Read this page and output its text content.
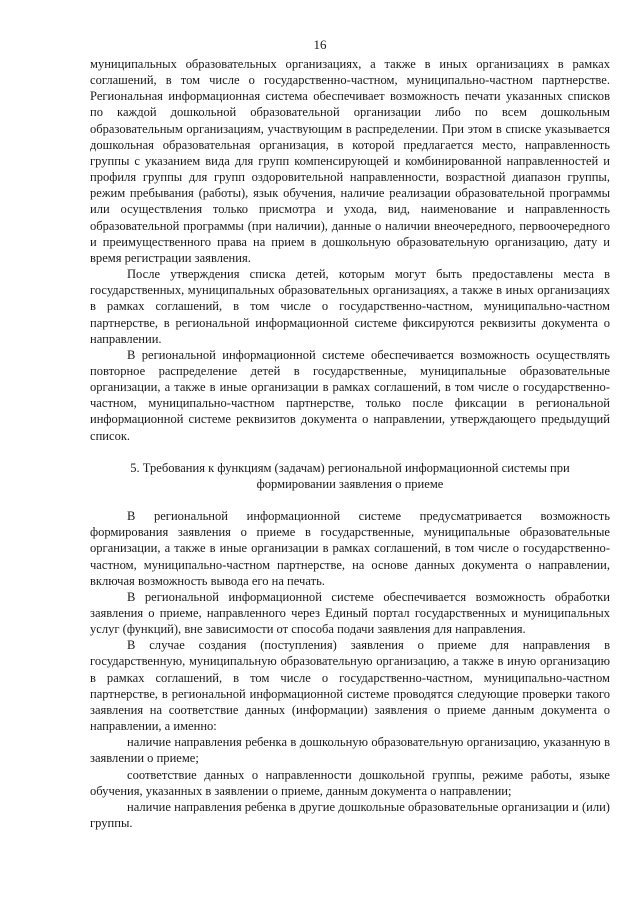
16

муниципальных образовательных организациях, а также в иных организациях в рамках соглашений, в том числе о государственно-частном, муниципально-частном партнерстве. Региональная информационная система обеспечивает возможность печати указанных списков по каждой дошкольной образовательной организации либо по всем дошкольным образовательным организациям, участвующим в распределении. При этом в списке указывается дошкольная образовательная организация, в которой предлагается место, направленность группы с указанием вида для групп компенсирующей и комбинированной направленностей и профиля группы для групп оздоровительной направленности, возрастной диапазон группы, режим пребывания (работы), язык обучения, наличие реализации образовательной программы или осуществления только присмотра и ухода, вид, наименование и направленность образовательной программы (при наличии), данные о наличии внеочередного, первоочередного и преимущественного права на прием в дошкольную образовательную организацию, дату и время регистрации заявления.

После утверждения списка детей, которым могут быть предоставлены места в государственных, муниципальных образовательных организациях, а также в иных организациях в рамках соглашений, в том числе о государственно-частном, муниципально-частном партнерстве, в региональной информационной системе фиксируются реквизиты документа о направлении.

В региональной информационной системе обеспечивается возможность осуществлять повторное распределение детей в государственные, муниципальные образовательные организации, а также в иные организации в рамках соглашений, в том числе о государственно-частном, муниципально-частном партнерстве, только после фиксации в региональной информационной системе реквизитов документа о направлении, утверждающего предыдущий список.

5. Требования к функциям (задачам) региональной информационной системы при формировании заявления о приеме

В региональной информационной системе предусматривается возможность формирования заявления о приеме в государственные, муниципальные образовательные организации, а также в иные организации в рамках соглашений, в том числе о государственно-частном, муниципально-частном партнерстве, на основе данных документа о направлении, включая возможность вывода его на печать.

В региональной информационной системе обеспечивается возможность обработки заявления о приеме, направленного через Единый портал государственных и муниципальных услуг (функций), вне зависимости от способа подачи заявления для направления.

В случае создания (поступления) заявления о приеме для направления в государственную, муниципальную образовательную организацию, а также в иную организацию в рамках соглашений, в том числе о государственно-частном, муниципально-частном партнерстве, в региональной информационной системе проводятся следующие проверки такого заявления на соответствие данных (информации) заявления о приеме данным документа о направлении, а именно:

наличие направления ребенка в дошкольную образовательную организацию, указанную в заявлении о приеме;

соответствие данных о направленности дошкольной группы, режиме работы, языке обучения, указанных в заявлении о приеме, данным документа о направлении;

наличие направления ребенка в другие дошкольные образовательные организации и (или) группы.
